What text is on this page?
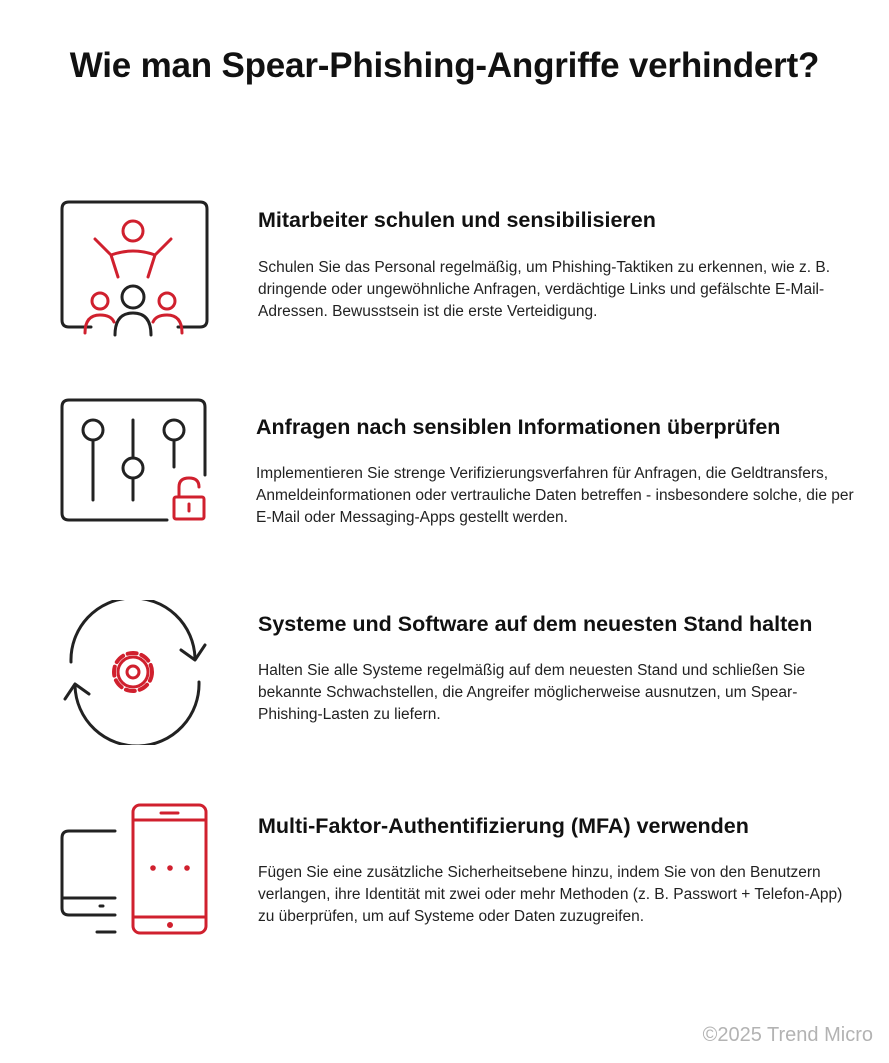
Wie man Spear-Phishing-Angriffe verhindert?
Mitarbeiter schulen und sensibilisieren

Schulen Sie das Personal regelmäßig, um Phishing-Taktiken zu erkennen, wie z. B. dringende oder ungewöhnliche Anfragen, verdächtige Links und gefälschte E-Mail-Adressen. Bewusstsein ist die erste Verteidigung.

Anfragen nach sensiblen Informationen überprüfen

Implementieren Sie strenge Verifizierungsverfahren für Anfragen, die Geldtransfers, Anmeldeinformationen oder vertrauliche Daten betreffen - insbesondere solche, die per E-Mail oder Messaging-Apps gestellt werden.

Systeme und Software auf dem neuesten Stand halten

Halten Sie alle Systeme regelmäßig auf dem neuesten Stand und schließen Sie bekannte Schwachstellen, die Angreifer möglicherweise ausnutzen, um Spear-Phishing-Lasten zu liefern.

Multi-Faktor-Authentifizierung (MFA) verwenden

Fügen Sie eine zusätzliche Sicherheitsebene hinzu, indem Sie von den Benutzern verlangen, ihre Identität mit zwei oder mehr Methoden (z. B. Passwort + Telefon-App) zu überprüfen, um auf Systeme oder Daten zuzugreifen.

©2025 Trend Micro
